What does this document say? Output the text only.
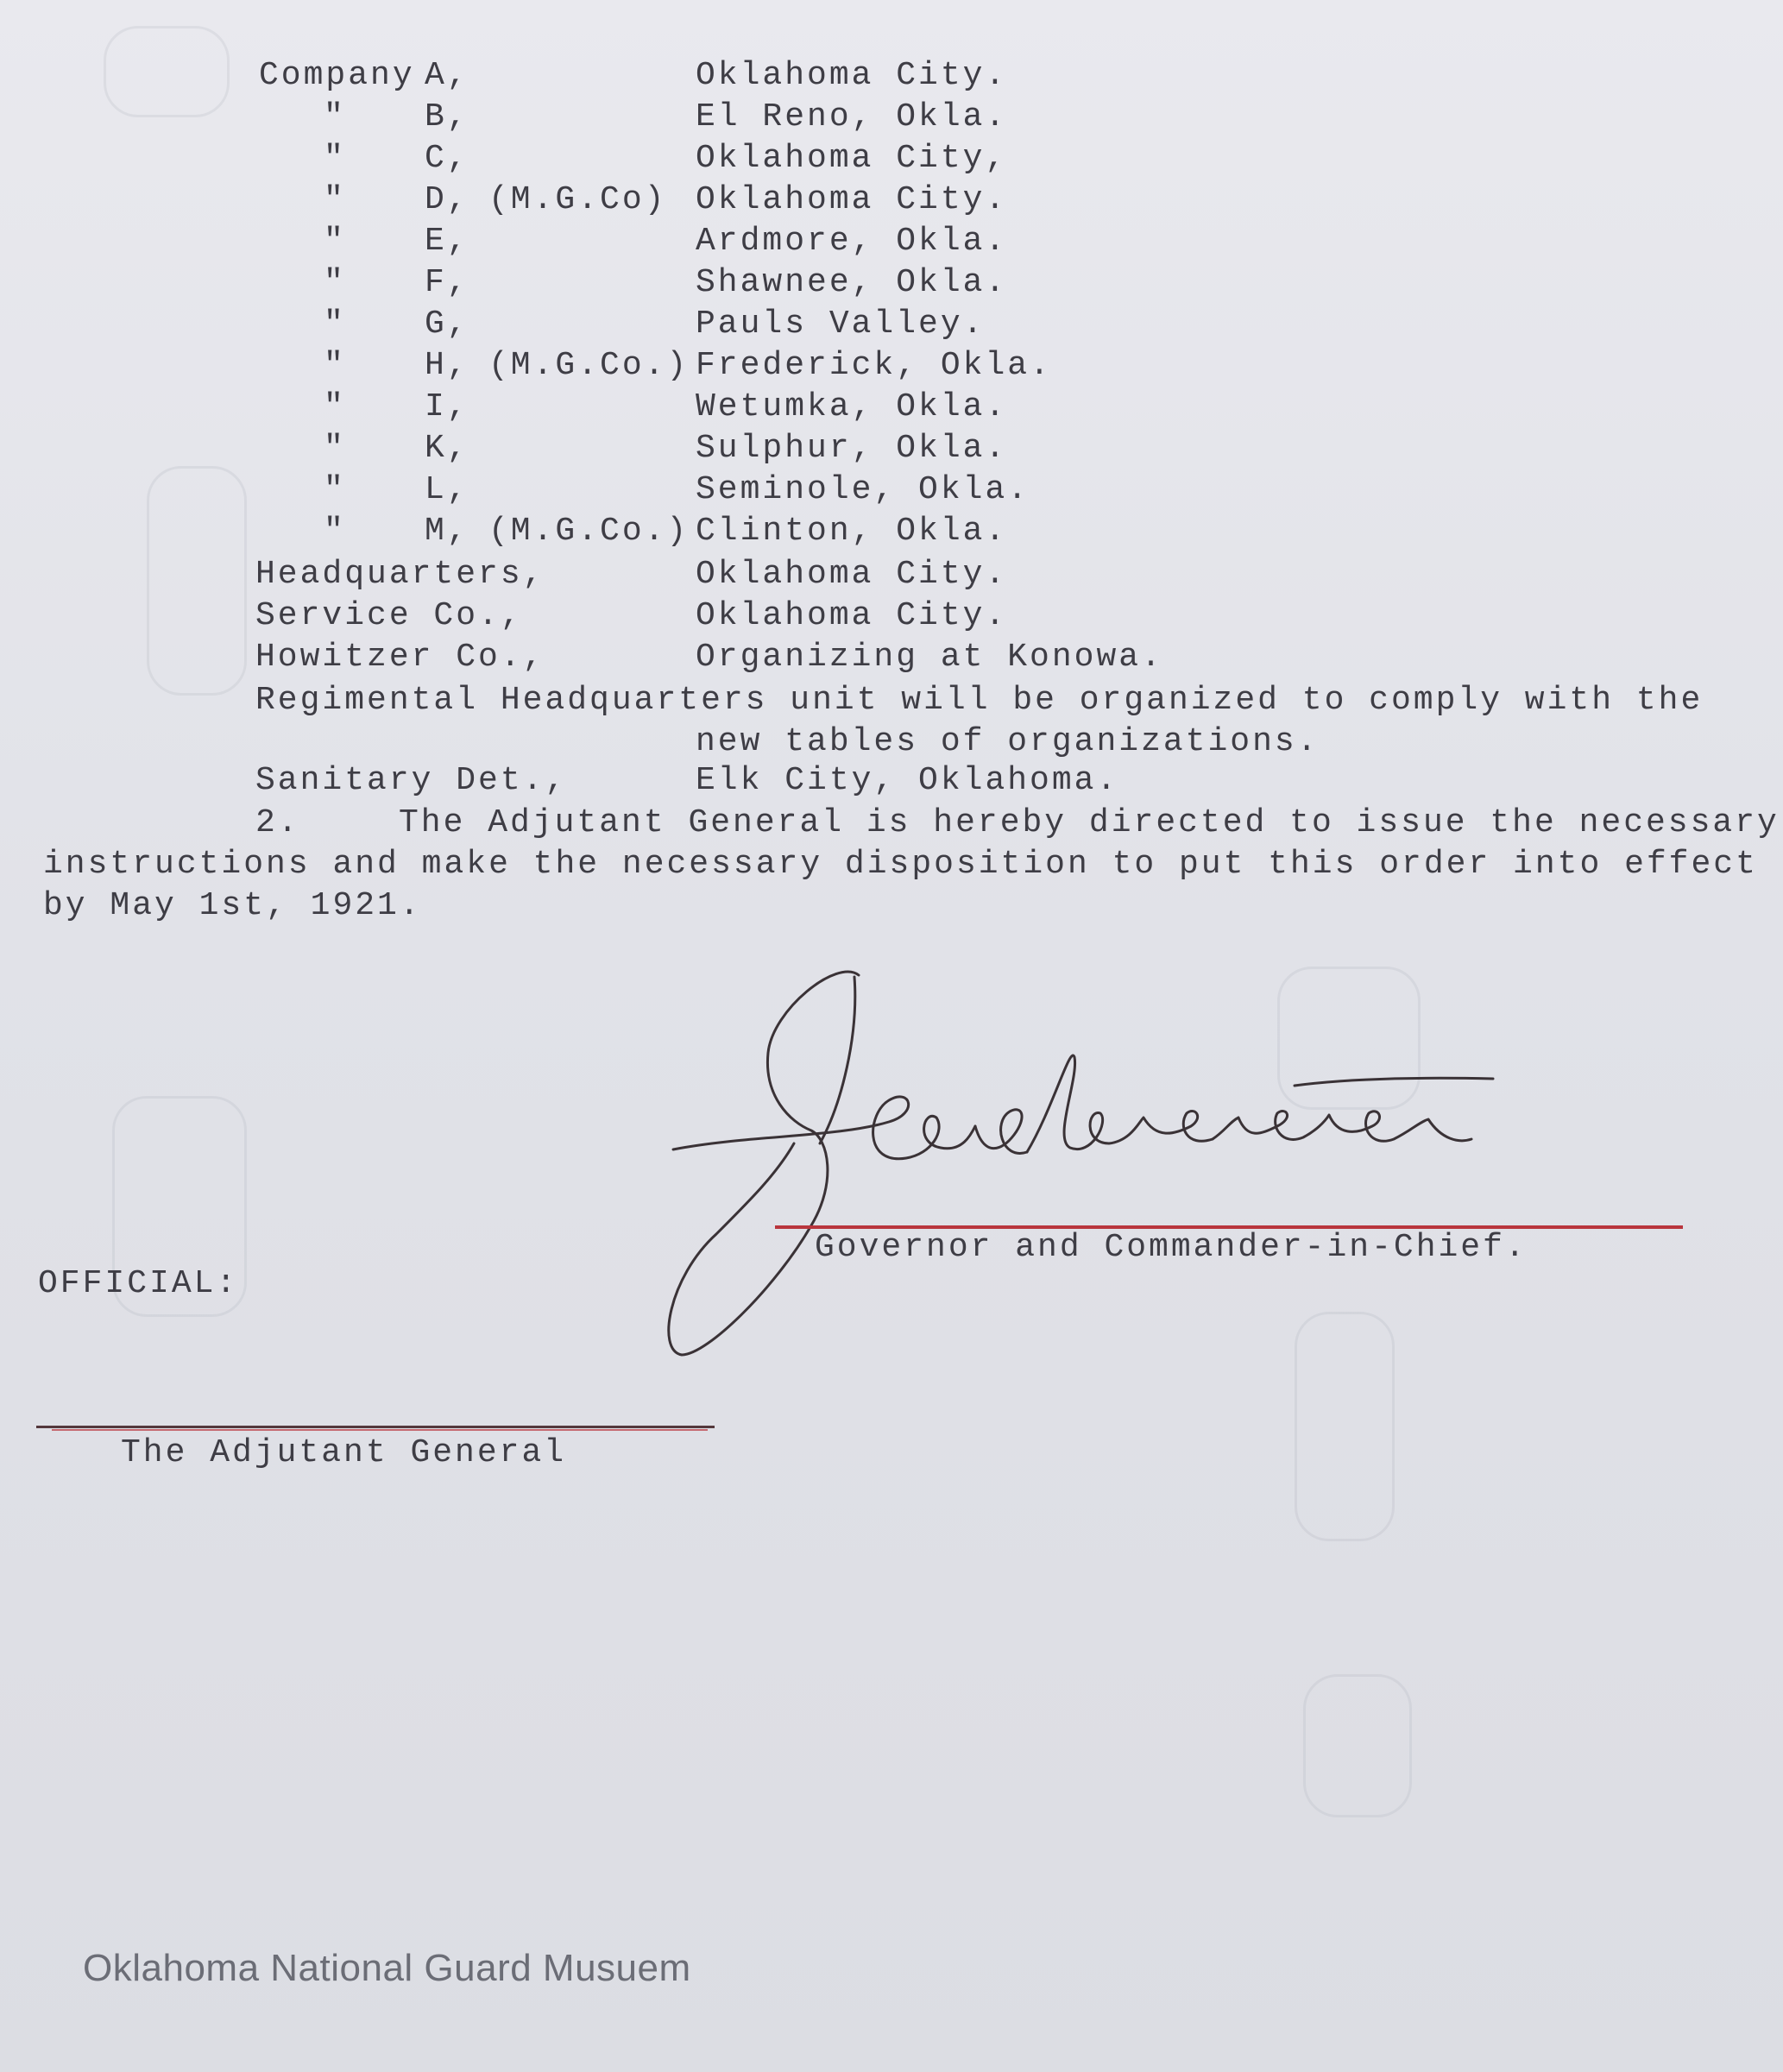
Company A,	Oklahoma City.
" B,	El Reno, Okla.
" C,	Oklahoma City,
" D, (M.G.Co) Oklahoma City.
" E,	Ardmore, Okla.
" F,	Shawnee, Okla.
" G,	Pauls Valley.
" H, (M.G.Co.) Frederick, Okla.
" I,	Wetumka, Okla.
" K,	Sulphur, Okla.
" L,	Seminole, Okla.
" M, (M.G.Co.) Clinton, Okla.
Headquarters,	Oklahoma City.
Service Co.,	Oklahoma City.
Howitzer Co.,	Organizing at Konowa.
Regimental Headquarters unit will be organized to comply with the
new tables of organizations.
Sanitary Det.,	Elk City, Oklahoma.
2.	The Adjutant General is hereby directed to issue the necessary
instructions and make the necessary disposition to put this order into effect
by May 1st, 1921.
Governor and Commander-in-Chief.
OFFICIAL:
The Adjutant General
Oklahoma National Guard Musuem
